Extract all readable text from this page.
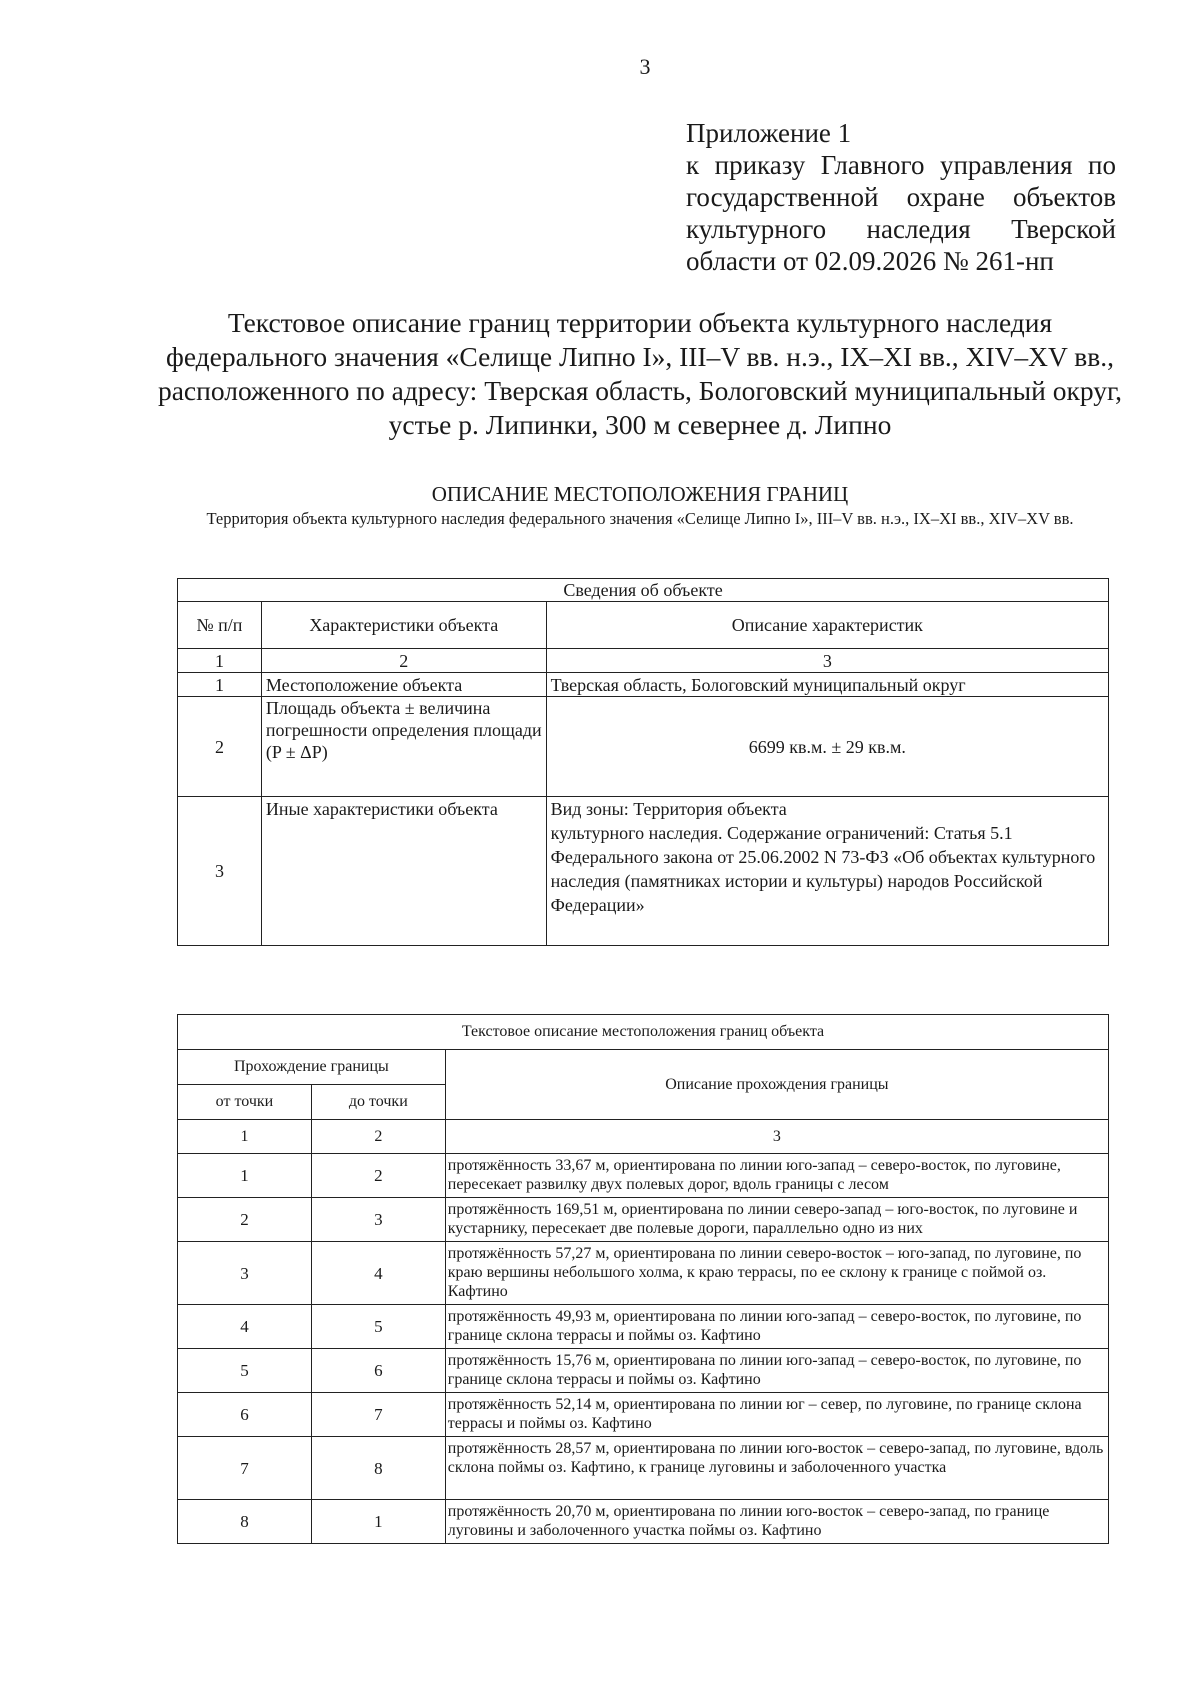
3
Приложение 1
к приказу Главного управления по государственной охране объектов культурного наследия Тверской области от 02.09.2026 № 261-нп
Текстовое описание границ территории объекта культурного наследия федерального значения «Селище Липно I», III–V вв. н.э., IX–XI вв., XIV–XV вв., расположенного по адресу: Тверская область, Бологовский муниципальный округ, устье р. Липинки, 300 м севернее д. Липно
ОПИСАНИЕ МЕСТОПОЛОЖЕНИЯ ГРАНИЦ
Территория объекта культурного наследия федерального значения «Селище Липно I», III–V вв. н.э., IX–XI вв., XIV–XV вв.
Сведения об объекте		
№ п/п	Характеристики объекта	Описание характеристик
1	2	3
1	Местоположение объекта	Тверская область, Бологовский муниципальный округ
2	Площадь объекта ± величина погрешности определения площади (P ± ΔP)	6699 кв.м. ± 29 кв.м.
3	Иные характеристики объекта	Вид зоны: Территория объекта
культурного наследия. Содержание ограничений: Статья 5.1 Федерального закона от 25.06.2002 N 73-ФЗ «Об объектах культурного наследия (памятниках истории и культуры) народов Российской Федерации»
Текстовое описание местоположения границ объекта		
Прохождение границы		Описание прохождения границы
от точки	до точки	
1	2	3
1	2	протяжённость 33,67 м, ориентирована по линии юго-запад – северо-восток, по луговине, пересекает развилку двух полевых дорог, вдоль границы с лесом
2	3	протяжённость 169,51 м, ориентирована по линии северо-запад – юго-восток, по луговине и кустарнику, пересекает две полевые дороги, параллельно одно из них
3	4	протяжённость 57,27 м, ориентирована по линии северо-восток – юго-запад, по луговине, по краю вершины небольшого холма, к краю террасы, по ее склону к границе с поймой оз. Кафтино
4	5	протяжённость 49,93 м, ориентирована по линии юго-запад – северо-восток, по луговине, по границе склона террасы и поймы оз. Кафтино
5	6	протяжённость 15,76 м, ориентирована по линии юго-запад – северо-восток, по луговине, по границе склона террасы и поймы оз. Кафтино
6	7	протяжённость 52,14 м, ориентирована по линии юг – север, по луговине, по границе склона террасы и поймы оз. Кафтино
7	8	протяжённость 28,57 м, ориентирована по линии юго-восток – северо-запад, по луговине, вдоль склона поймы оз. Кафтино, к границе луговины и заболоченного участка
8	1	протяжённость 20,70 м, ориентирована по линии юго-восток – северо-запад, по границе луговины и заболоченного участка поймы оз. Кафтино
